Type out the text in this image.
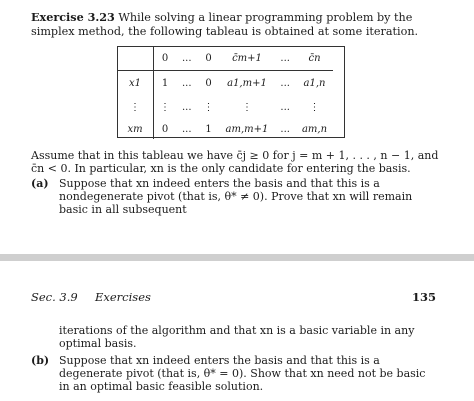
Exercise 3.23 While solving a linear programming problem by the simplex method, the following tableau is obtained at some iteration.
	0	...	0	c̄m+1	...	c̄n
x1	1	...	0	a1,m+1	...	a1,n
⋮	⋮	...	⋮	⋮	...	⋮
xm	0	...	1	am,m+1	...	am,n
Assume that in this tableau we have c̄j ≥ 0 for j = m + 1, . . . , n − 1, and c̄n < 0. In particular, xn is the only candidate for entering the basis.
(a) Suppose that xn indeed enters the basis and that this is a nondegenerate pivot (that is, θ* ≠ 0). Prove that xn will remain basic in all subsequent
Sec. 3.9 Exercises	135
iterations of the algorithm and that xn is a basic variable in any optimal basis.
(b) Suppose that xn indeed enters the basis and that this is a degenerate pivot (that is, θ* = 0). Show that xn need not be basic in an optimal basic feasible solution.
